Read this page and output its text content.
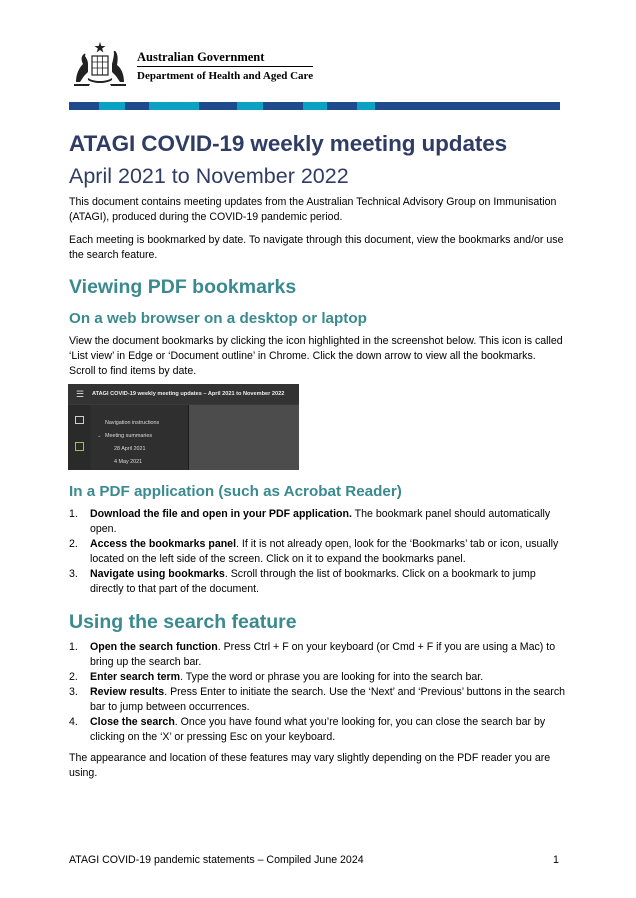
Australian Government
Department of Health and Aged Care
ATAGI COVID-19 weekly meeting updates
April 2021 to November 2022

This document contains meeting updates from the Australian Technical Advisory Group on Immunisation (ATAGI), produced during the COVID-19 pandemic period.

Each meeting is bookmarked by date. To navigate through this document, view the bookmarks and/or use the search feature.

Viewing PDF bookmarks
On a web browser on a desktop or laptop

View the document bookmarks by clicking the icon highlighted in the screenshot below. This icon is called ‘List view’ in Edge or ‘Document outline’ in Chrome. Click the down arrow to view all the bookmarks. Scroll to find items by date.

☰ ATAGI COVID-19 weekly meeting updates – April 2021 to November 2022
Navigation instructions
⌄ Meeting summaries
28 April 2021
4 May 2021
In a PDF application (such as Acrobat Reader)
1. Download the file and open in your PDF application. The bookmark panel should automatically open.
2. Access the bookmarks panel. If it is not already open, look for the ‘Bookmarks’ tab or icon, usually located on the left side of the screen. Click on it to expand the bookmarks panel.
3. Navigate using bookmarks. Scroll through the list of bookmarks. Click on a bookmark to jump directly to that part of the document.
Using the search feature
1. Open the search function. Press Ctrl + F on your keyboard (or Cmd + F if you are using a Mac) to bring up the search bar.
2. Enter search term. Type the word or phrase you are looking for into the search bar.
3. Review results. Press Enter to initiate the search. Use the ‘Next’ and ‘Previous’ buttons in the search bar to jump between occurrences.
4. Close the search. Once you have found what you’re looking for, you can close the search bar by clicking on the ‘X’ or pressing Esc on your keyboard.

The appearance and location of these features may vary slightly depending on the PDF reader you are using.

ATAGI COVID-19 pandemic statements – Compiled June 2024	1
